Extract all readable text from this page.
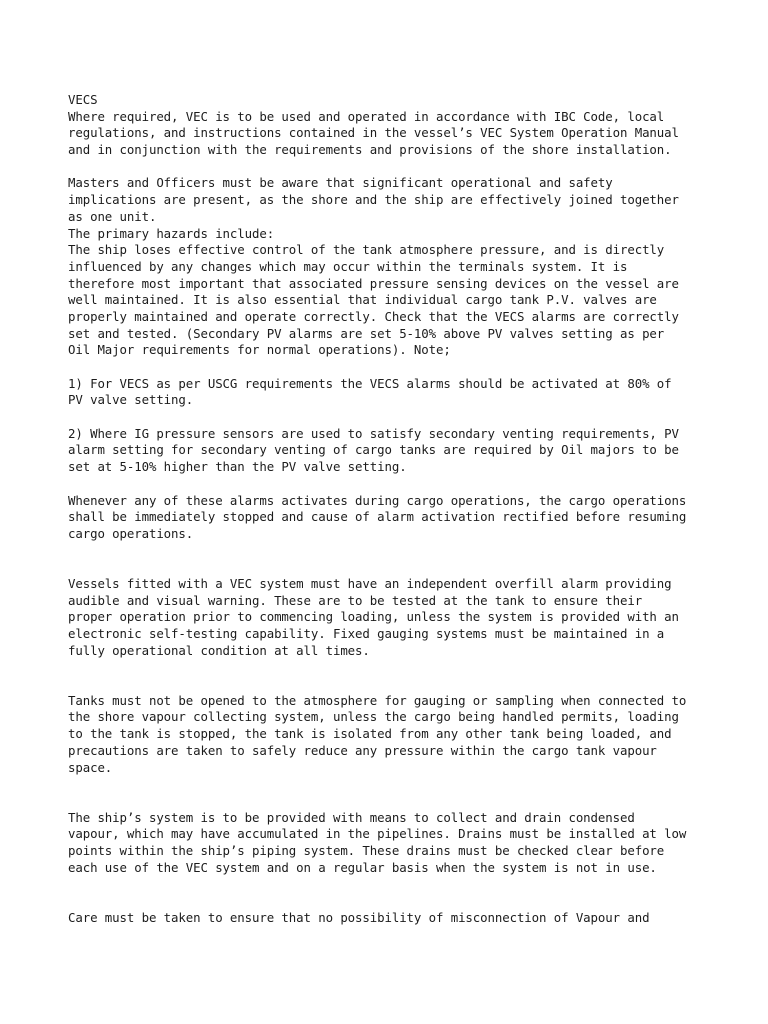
VECS
Where required, VEC is to be used and operated in accordance with IBC Code, local
regulations, and instructions contained in the vessel’s VEC System Operation Manual
and in conjunction with the requirements and provisions of the shore installation.
Masters and Officers must be aware that significant operational and safety
implications are present, as the shore and the ship are effectively joined together
as one unit.
The primary hazards include:
The ship loses effective control of the tank atmosphere pressure, and is directly
influenced by any changes which may occur within the terminals system. It is
therefore most important that associated pressure sensing devices on the vessel are
well maintained. It is also essential that individual cargo tank P.V. valves are
properly maintained and operate correctly. Check that the VECS alarms are correctly
set and tested. (Secondary PV alarms are set 5-10% above PV valves setting as per
Oil Major requirements for normal operations). Note;
1) For VECS as per USCG requirements the VECS alarms should be activated at 80% of
PV valve setting.
2) Where IG pressure sensors are used to satisfy secondary venting requirements, PV
alarm setting for secondary venting of cargo tanks are required by Oil majors to be
set at 5-10% higher than the PV valve setting.
Whenever any of these alarms activates during cargo operations, the cargo operations
shall be immediately stopped and cause of alarm activation rectified before resuming
cargo operations.
Vessels fitted with a VEC system must have an independent overfill alarm providing
audible and visual warning. These are to be tested at the tank to ensure their
proper operation prior to commencing loading, unless the system is provided with an
electronic self-testing capability. Fixed gauging systems must be maintained in a
fully operational condition at all times.
Tanks must not be opened to the atmosphere for gauging or sampling when connected to
the shore vapour collecting system, unless the cargo being handled permits, loading
to the tank is stopped, the tank is isolated from any other tank being loaded, and
precautions are taken to safely reduce any pressure within the cargo tank vapour
space.
The ship’s system is to be provided with means to collect and drain condensed
vapour, which may have accumulated in the pipelines. Drains must be installed at low
points within the ship’s piping system. These drains must be checked clear before
each use of the VEC system and on a regular basis when the system is not in use.
Care must be taken to ensure that no possibility of misconnection of Vapour and
